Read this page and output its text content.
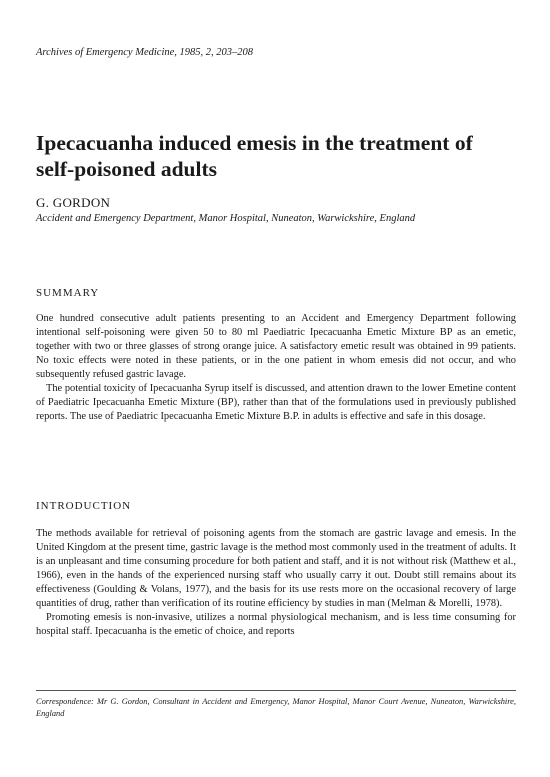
Archives of Emergency Medicine, 1985, 2, 203–208
Ipecacuanha induced emesis in the treatment of self-poisoned adults
G. GORDON
Accident and Emergency Department, Manor Hospital, Nuneaton, Warwickshire, England
SUMMARY

One hundred consecutive adult patients presenting to an Accident and Emergency Department following intentional self-poisoning were given 50 to 80 ml Paediatric Ipecacuanha Emetic Mixture BP as an emetic, together with two or three glasses of strong orange juice. A satisfactory emetic result was obtained in 99 patients. No toxic effects were noted in these patients, or in the one patient in whom emesis did not occur, and who subsequently refused gastric lavage.

The potential toxicity of Ipecacuanha Syrup itself is discussed, and attention drawn to the lower Emetine content of Paediatric Ipecacuanha Emetic Mixture (BP), rather than that of the formulations used in previously published reports. The use of Paediatric Ipecacuanha Emetic Mixture B.P. in adults is effective and safe in this dosage.

INTRODUCTION

The methods available for retrieval of poisoning agents from the stomach are gastric lavage and emesis. In the United Kingdom at the present time, gastric lavage is the method most commonly used in the treatment of adults. It is an unpleasant and time consuming procedure for both patient and staff, and it is not without risk (Matthew et al., 1966), even in the hands of the experienced nursing staff who usually carry it out. Doubt still remains about its effectiveness (Goulding & Volans, 1977), and the basis for its use rests more on the occasional recovery of large quantities of drug, rather than verification of its routine efficiency by studies in man (Melman & Morelli, 1978).

Promoting emesis is non-invasive, utilizes a normal physiological mechanism, and is less time consuming for hospital staff. Ipecacuanha is the emetic of choice, and reports

Correspondence: Mr G. Gordon, Consultant in Accident and Emergency, Manor Hospital, Manor Court Avenue, Nuneaton, Warwickshire, England
